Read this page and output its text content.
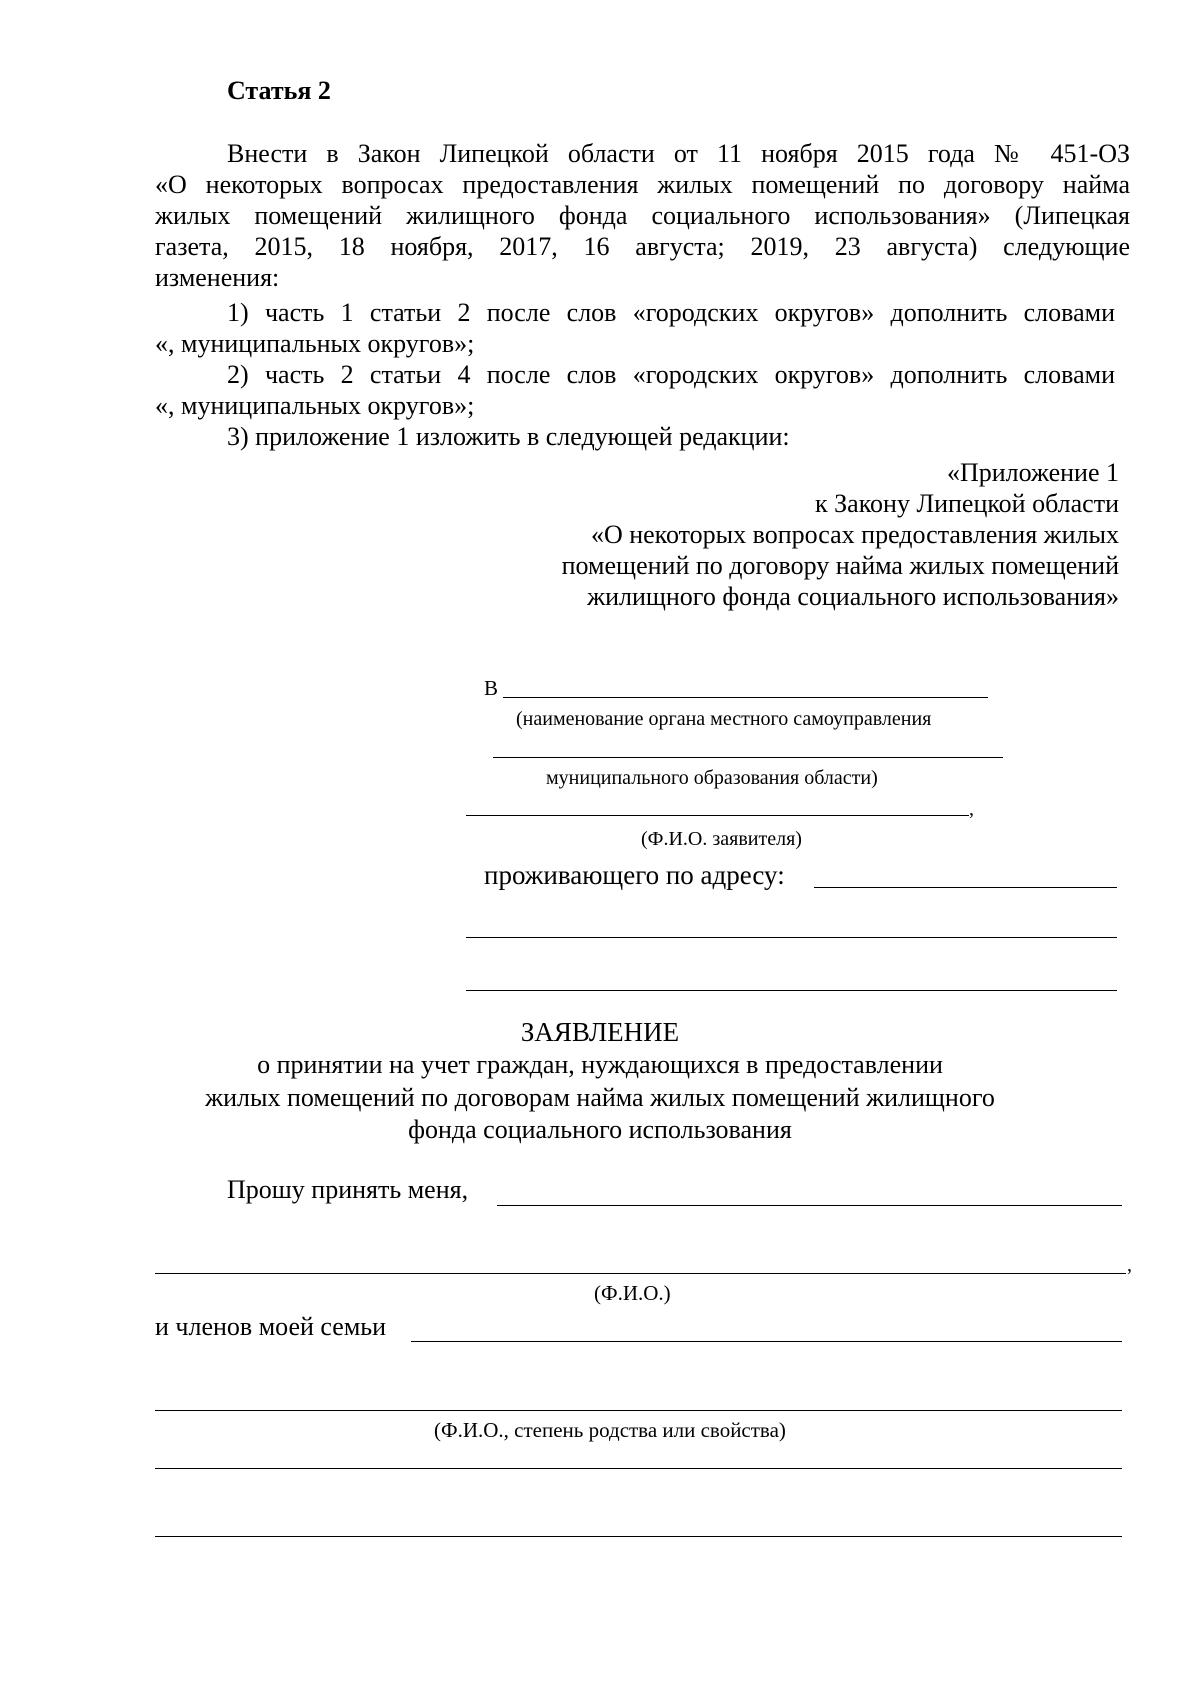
Статья 2
Внести в Закон Липецкой области от 11 ноября 2015 года № 451-ОЗ
«О некоторых вопросах предоставления жилых помещений по договору найма
жилых помещений жилищного фонда социального использования» (Липецкая
газета, 2015, 18 ноября, 2017, 16 августа; 2019, 23 августа) следующие
изменения:
1) часть 1 статьи 2 после слов «городских округов» дополнить словами
«, муниципальных округов»;
2) часть 2 статьи 4 после слов «городских округов» дополнить словами
«, муниципальных округов»;
3) приложение 1 изложить в следующей редакции:
«Приложение 1
к Закону Липецкой области
«О некоторых вопросах предоставления жилых
помещений по договору найма жилых помещений
жилищного фонда социального использования»
В
(наименование органа местного самоуправления
муниципального образования области)
,
(Ф.И.О. заявителя)
проживающего по адресу:
ЗАЯВЛЕНИЕ
о принятии на учет граждан, нуждающихся в предоставлении
жилых помещений по договорам найма жилых помещений жилищного
фонда социального использования
Прошу принять меня,
,
(Ф.И.О.)
и членов моей семьи
(Ф.И.О., степень родства или свойства)
